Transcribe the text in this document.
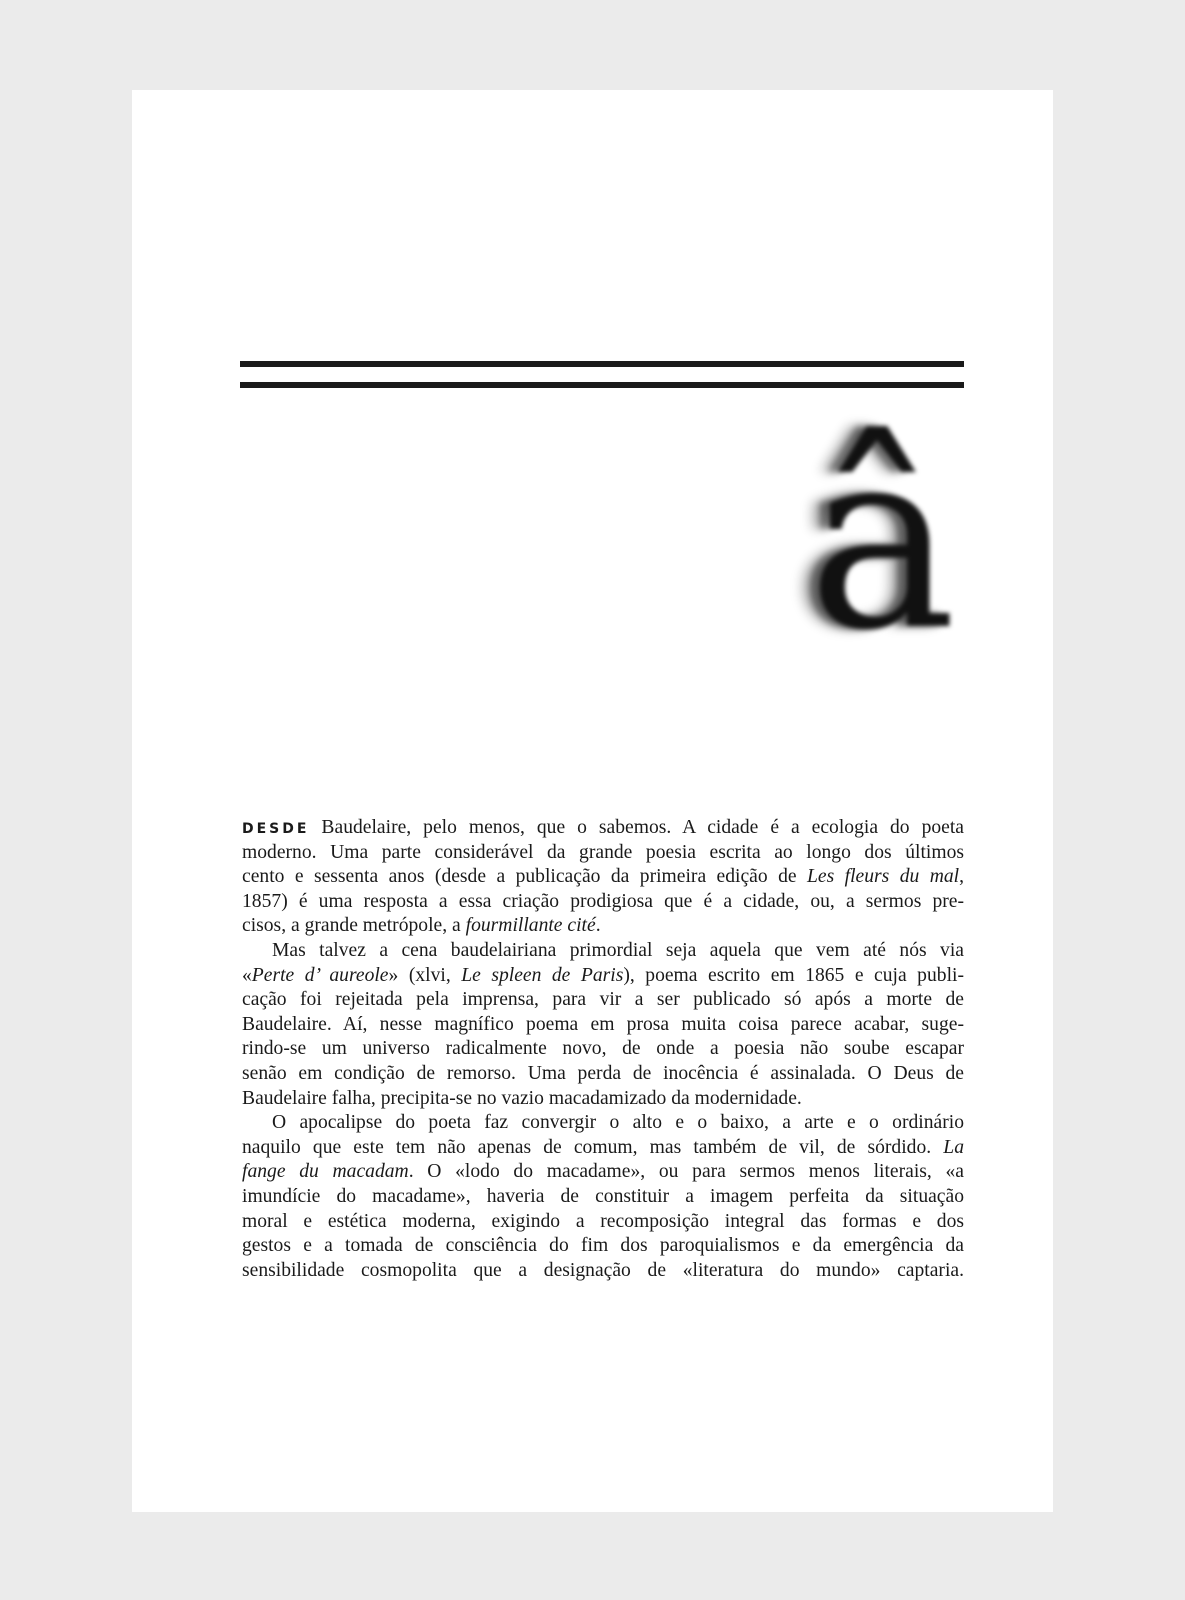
â
DESDE Baudelaire, pelo menos, que o sabemos. A cidade é a ecologia do poeta
moderno. Uma parte considerável da grande poesia escrita ao longo dos últimos
cento e sessenta anos (desde a publicação da primeira edição de Les fleurs du mal,
1857) é uma resposta a essa criação prodigiosa que é a cidade, ou, a sermos pre-
cisos, a grande metrópole, a fourmillante cité.
Mas talvez a cena baudelairiana primordial seja aquela que vem até nós via
«Perte d’ aureole» (xlvi, Le spleen de Paris), poema escrito em 1865 e cuja publi-
cação foi rejeitada pela imprensa, para vir a ser publicado só após a morte de
Baudelaire. Aí, nesse magnífico poema em prosa muita coisa parece acabar, suge-
rindo-se um universo radicalmente novo, de onde a poesia não soube escapar
senão em condição de remorso. Uma perda de inocência é assinalada. O Deus de
Baudelaire falha, precipita-se no vazio macadamizado da modernidade.
O apocalipse do poeta faz convergir o alto e o baixo, a arte e o ordinário
naquilo que este tem não apenas de comum, mas também de vil, de sórdido. La
fange du macadam. O «lodo do macadame», ou para sermos menos literais, «a
imundície do macadame», haveria de constituir a imagem perfeita da situação
moral e estética moderna, exigindo a recomposição integral das formas e dos
gestos e a tomada de consciência do fim dos paroquialismos e da emergência da
sensibilidade cosmopolita que a designação de «literatura do mundo» captaria.
